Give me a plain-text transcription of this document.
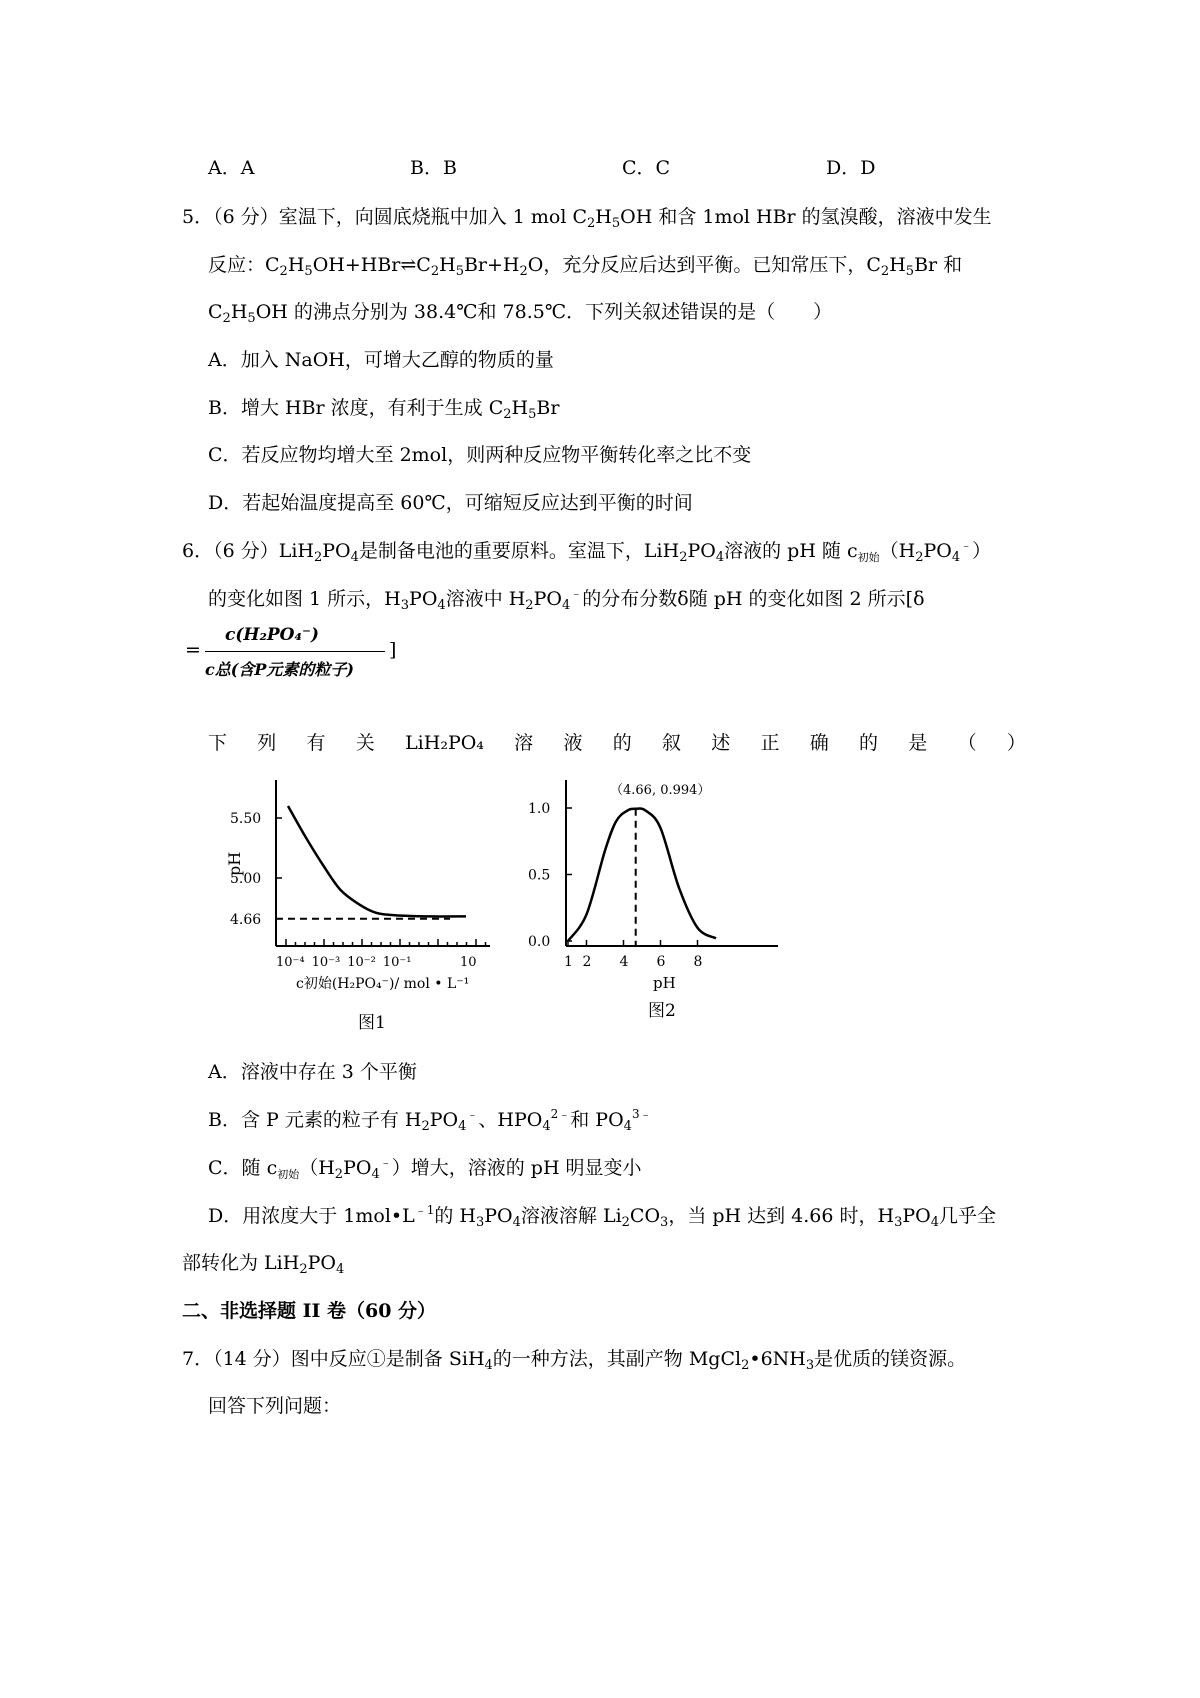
A．A	B．B	C．C	D．D
5．（6 分）室温下，向圆底烧瓶中加入 1 mol $C_2H_5OH$ 和含 1mol HBr 的氢溴酸，溶液中发生
反应：$C_2H_5OH+HBr\rightleftharpoons C_2H_5Br+H_2O$，充分反应后达到平衡。已知常压下，$C_2H_5Br$ 和
$C_2H_5OH$ 的沸点分别为 38.4℃和 78.5℃．下列关叙述错误的是（　　）
A．加入 NaOH，可增大乙醇的物质的量
B．增大 HBr 浓度，有利于生成 $C_2H_5Br$
C．若反应物均增大至 2mol，则两种反应物平衡转化率之比不变
D．若起始温度提高至 60℃，可缩短反应达到平衡的时间
6．（6 分）$LiH_2PO_4$是制备电池的重要原料。室温下，$LiH_2PO_4$溶液的 pH 随 $c_{初始}(H_2PO_4^﹣)$
的变化如图 1 所示，$H_3PO_4$溶液中 $H_2PO_4^﹣$的分布分数δ随 pH 的变化如图 2 所示[δ
=
c(H₂PO₄⁻)
c总(含P元素的粒子)
]
下 列 有 关 LiH₂PO₄ 溶 液 的 叙 述 正 确 的 是 （ ）
5.50
5.00
4.66
10⁻⁴ 10⁻³ 10⁻² 10⁻¹	10
pH
c初始(H₂PO₄⁻)/ mol • L⁻¹
图1
1.0
0.5
0.0
1 2 4 6 8
（4.66, 0.994）
pH
图2
A．溶液中存在 3 个平衡
B．含 P 元素的粒子有 $H_2PO_4^﹣$、$HPO_4^{2﹣}$和 $PO_4^{3﹣}$
C．随 $c_{初始}(H_2PO_4^﹣)$增大，溶液的 pH 明显变小
D．用浓度大于 $1mol•L^{﹣1}$的 $H_3PO_4$溶液溶解 $Li_2CO_3$，当 pH 达到 4.66 时，$H_3PO_4$几乎全
部转化为 $LiH_2PO_4$
二、非选择题 II 卷（60 分）
7．（14 分）图中反应①是制备 SiH$_4$的一种方法，其副产物 $MgCl_2•6NH_3$是优质的镁资源。
回答下列问题：
